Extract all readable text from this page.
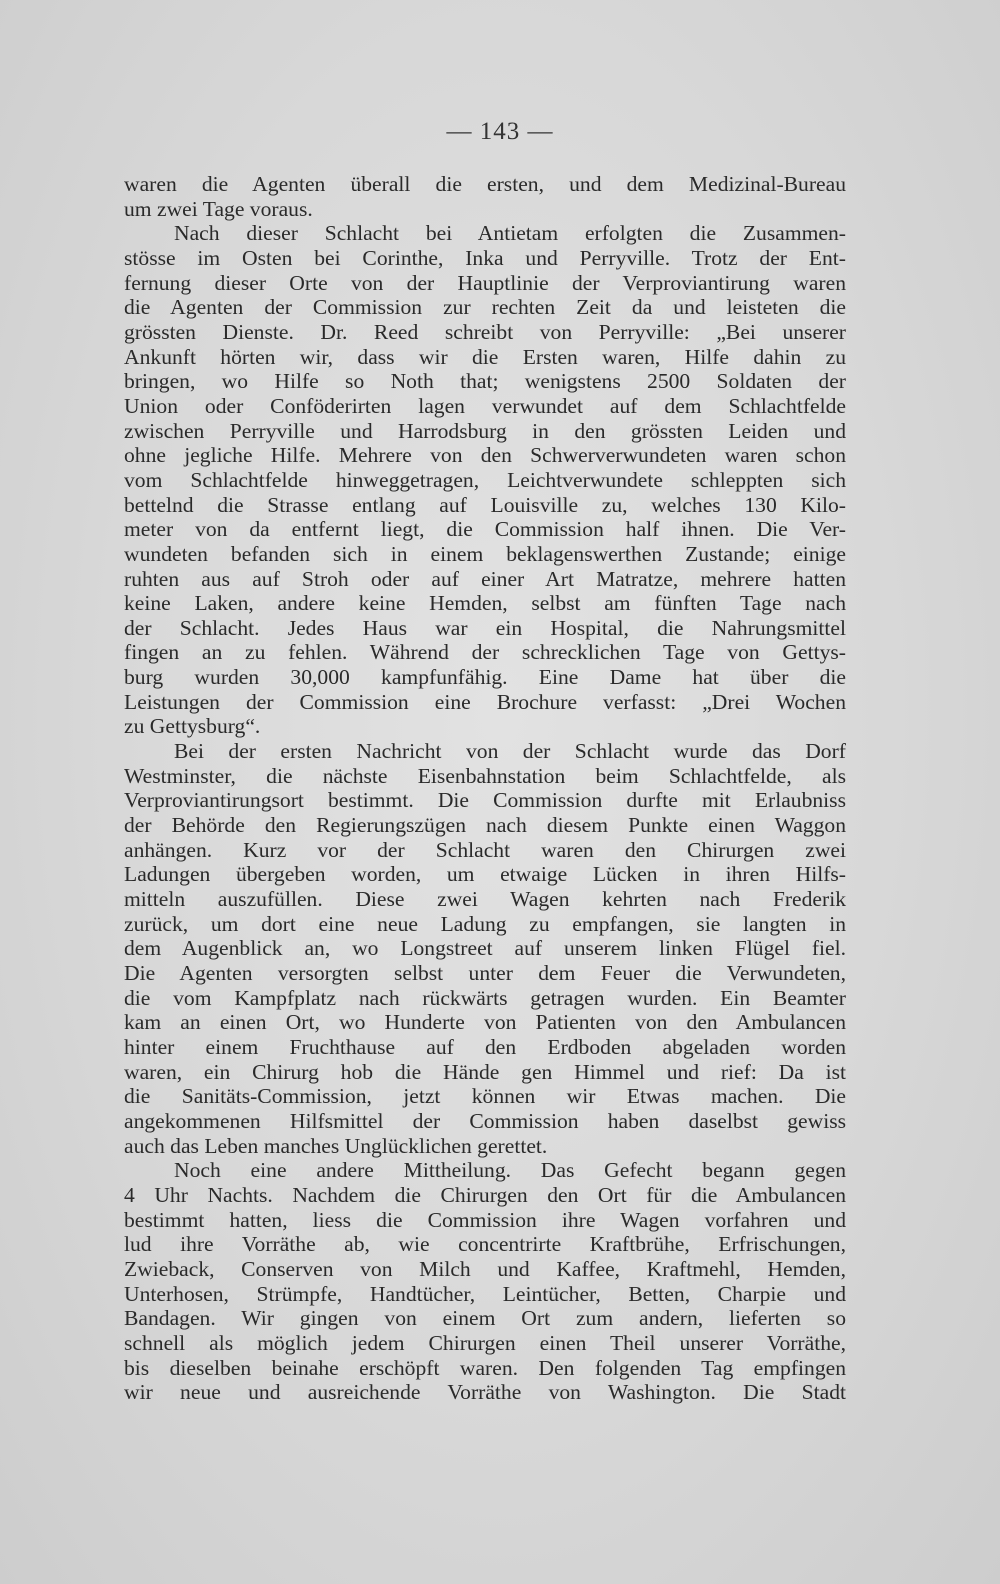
— 143 —
waren die Agenten überall die ersten, und dem Medizinal-Bureau
um zwei Tage voraus.
Nach dieser Schlacht bei Antietam erfolgten die Zusammen-
stösse im Osten bei Corinthe, Inka und Perryville. Trotz der Ent-
fernung dieser Orte von der Hauptlinie der Verproviantirung waren
die Agenten der Commission zur rechten Zeit da und leisteten die
grössten Dienste. Dr. Reed schreibt von Perryville: „Bei unserer
Ankunft hörten wir, dass wir die Ersten waren, Hilfe dahin zu
bringen, wo Hilfe so Noth that; wenigstens 2500 Soldaten der
Union oder Conföderirten lagen verwundet auf dem Schlachtfelde
zwischen Perryville und Harrodsburg in den grössten Leiden und
ohne jegliche Hilfe. Mehrere von den Schwerverwundeten waren schon
vom Schlachtfelde hinweggetragen, Leichtverwundete schleppten sich
bettelnd die Strasse entlang auf Louisville zu, welches 130 Kilo-
meter von da entfernt liegt, die Commission half ihnen. Die Ver-
wundeten befanden sich in einem beklagenswerthen Zustande; einige
ruhten aus auf Stroh oder auf einer Art Matratze, mehrere hatten
keine Laken, andere keine Hemden, selbst am fünften Tage nach
der Schlacht. Jedes Haus war ein Hospital, die Nahrungsmittel
fingen an zu fehlen. Während der schrecklichen Tage von Gettys-
burg wurden 30,000 kampfunfähig. Eine Dame hat über die
Leistungen der Commission eine Brochure verfasst: „Drei Wochen
zu Gettysburg“.
Bei der ersten Nachricht von der Schlacht wurde das Dorf
Westminster, die nächste Eisenbahnstation beim Schlachtfelde, als
Verproviantirungsort bestimmt. Die Commission durfte mit Erlaubniss
der Behörde den Regierungszügen nach diesem Punkte einen Waggon
anhängen. Kurz vor der Schlacht waren den Chirurgen zwei
Ladungen übergeben worden, um etwaige Lücken in ihren Hilfs-
mitteln auszufüllen. Diese zwei Wagen kehrten nach Frederik
zurück, um dort eine neue Ladung zu empfangen, sie langten in
dem Augenblick an, wo Longstreet auf unserem linken Flügel fiel.
Die Agenten versorgten selbst unter dem Feuer die Verwundeten,
die vom Kampfplatz nach rückwärts getragen wurden. Ein Beamter
kam an einen Ort, wo Hunderte von Patienten von den Ambulancen
hinter einem Fruchthause auf den Erdboden abgeladen worden
waren, ein Chirurg hob die Hände gen Himmel und rief: Da ist
die Sanitäts-Commission, jetzt können wir Etwas machen. Die
angekommenen Hilfsmittel der Commission haben daselbst gewiss
auch das Leben manches Unglücklichen gerettet.
Noch eine andere Mittheilung. Das Gefecht begann gegen
4 Uhr Nachts. Nachdem die Chirurgen den Ort für die Ambulancen
bestimmt hatten, liess die Commission ihre Wagen vorfahren und
lud ihre Vorräthe ab, wie concentrirte Kraftbrühe, Erfrischungen,
Zwieback, Conserven von Milch und Kaffee, Kraftmehl, Hemden,
Unterhosen, Strümpfe, Handtücher, Leintücher, Betten, Charpie und
Bandagen. Wir gingen von einem Ort zum andern, lieferten so
schnell als möglich jedem Chirurgen einen Theil unserer Vorräthe,
bis dieselben beinahe erschöpft waren. Den folgenden Tag empfingen
wir neue und ausreichende Vorräthe von Washington. Die Stadt
